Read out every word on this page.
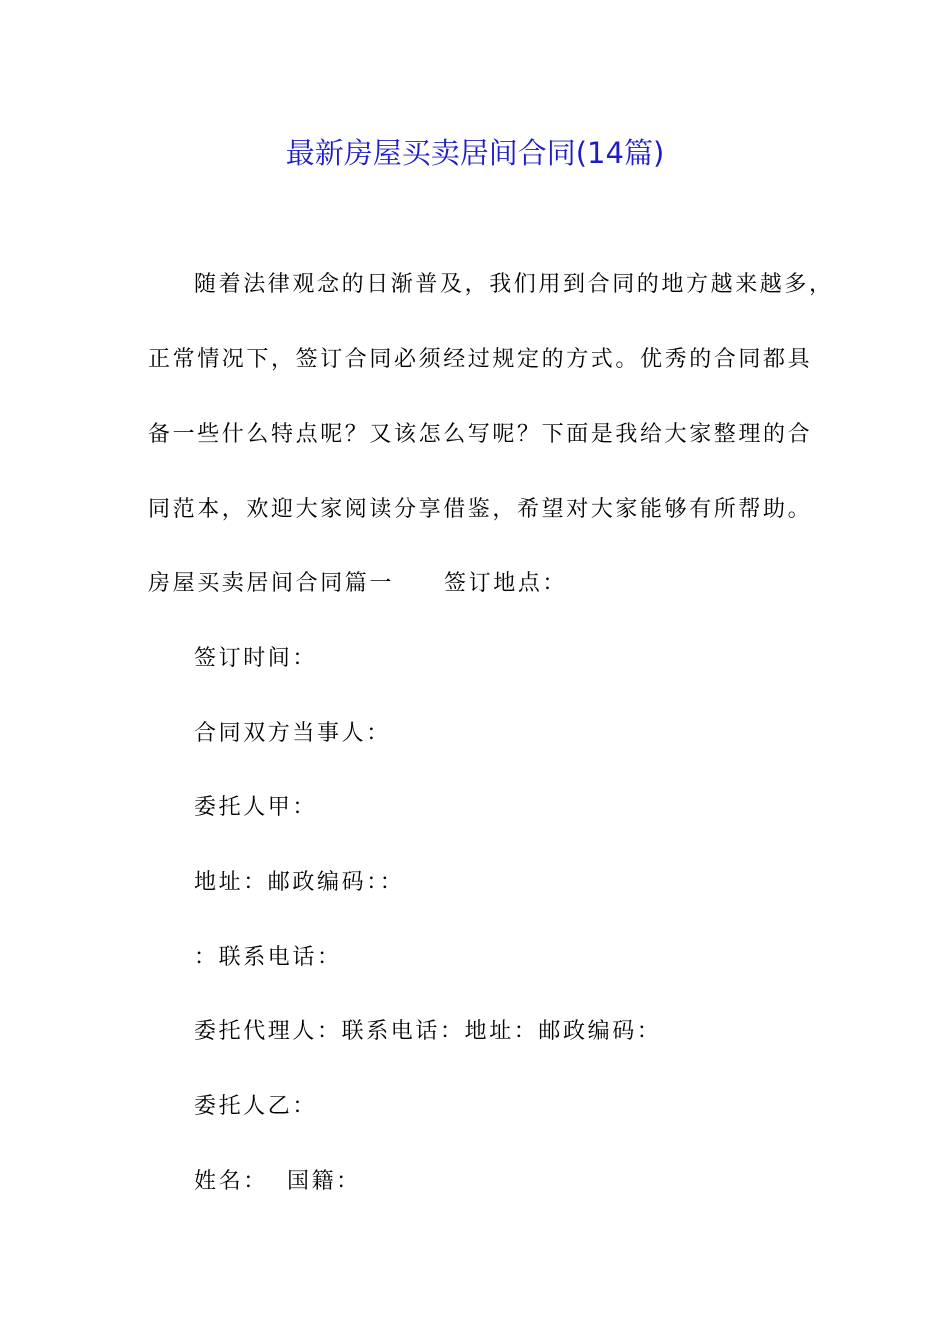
最新房屋买卖居间合同(14篇)
随着法律观念的日渐普及，我们用到合同的地方越来越多，
正常情况下，签订合同必须经过规定的方式。优秀的合同都具
备一些什么特点呢？又该怎么写呢？下面是我给大家整理的合
同范本，欢迎大家阅读分享借鉴，希望对大家能够有所帮助。
房屋买卖居间合同篇一 签订地点：
签订时间：
合同双方当事人：
委托人甲：
地址：邮政编码：：
：联系电话：
委托代理人：联系电话：地址：邮政编码：
委托人乙：
姓名：  国籍：
